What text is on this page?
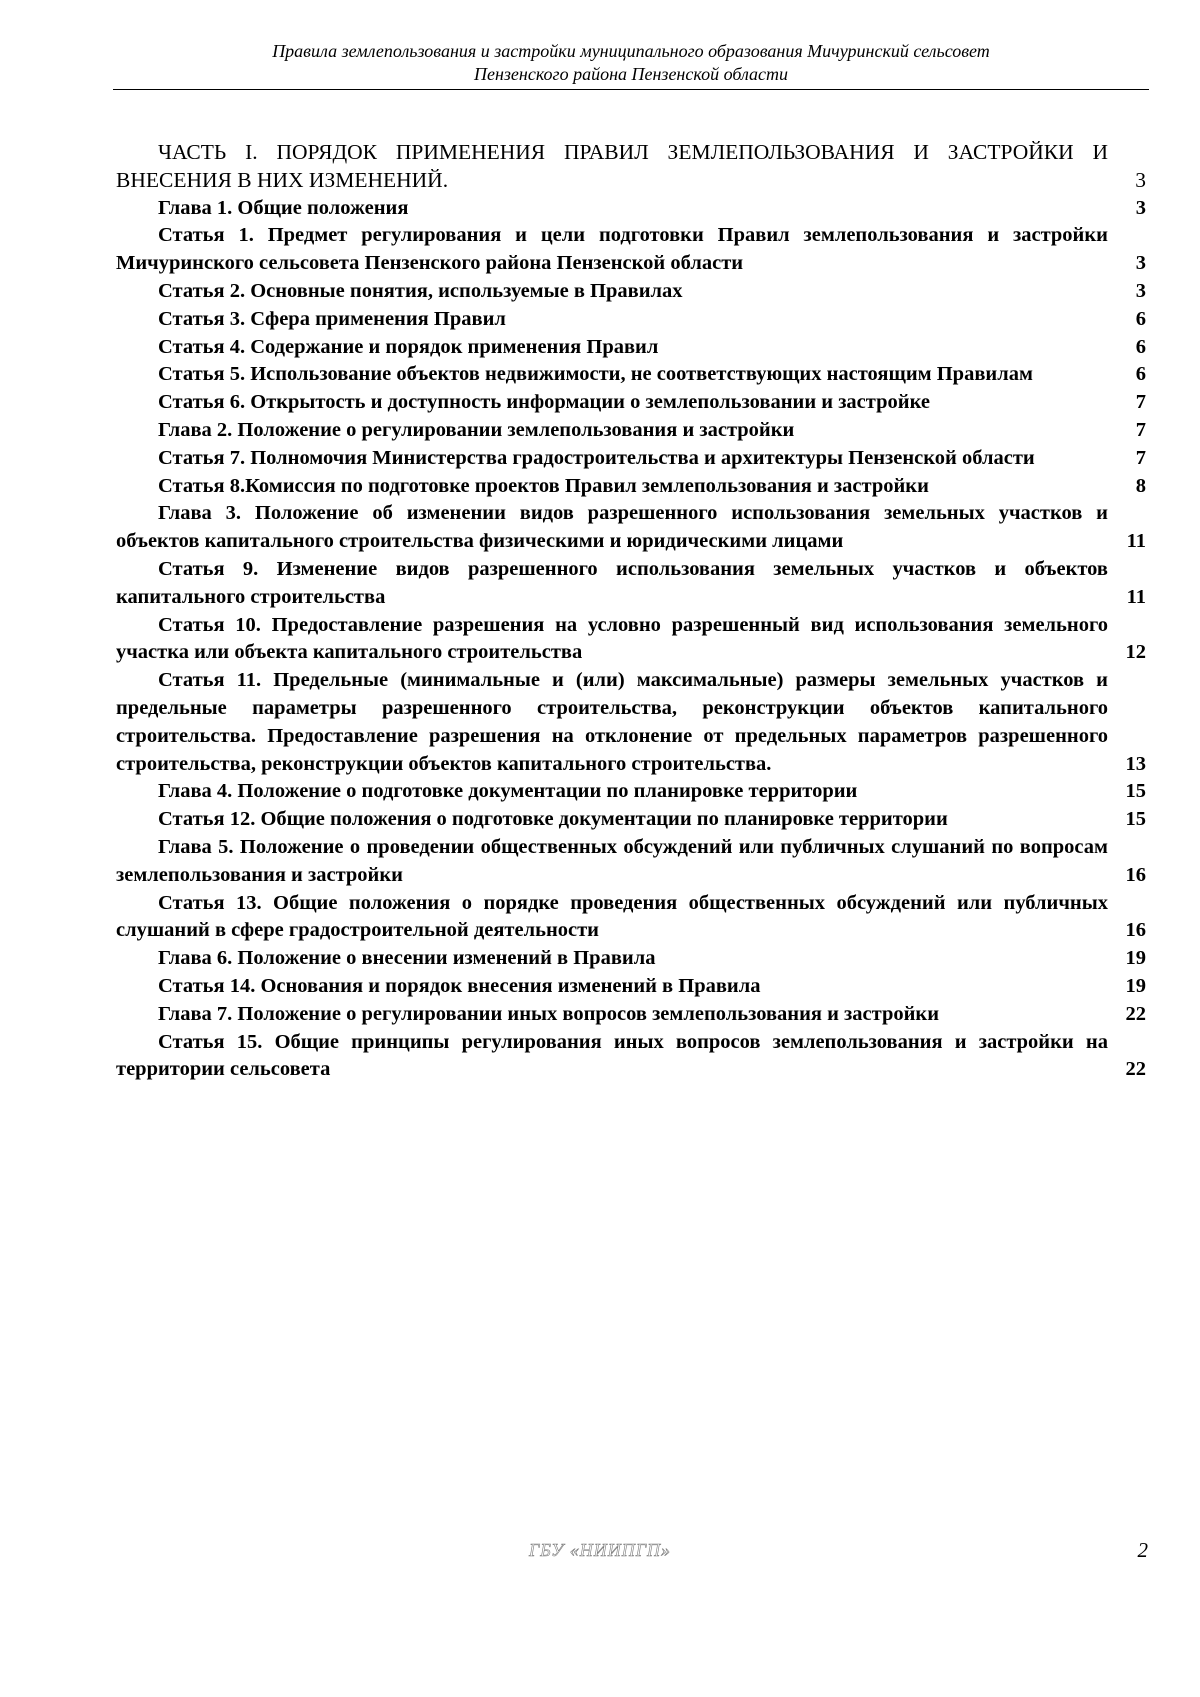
Правила землепользования и застройки муниципального образования Мичуринский сельсовет
Пензенского района Пензенской области
ЧАСТЬ I. ПОРЯДОК ПРИМЕНЕНИЯ ПРАВИЛ ЗЕМЛЕПОЛЬЗОВАНИЯ И ЗАСТРОЙКИ И ВНЕСЕНИЯ В НИХ ИЗМЕНЕНИЙ.	3
Глава 1. Общие положения	3
Статья 1. Предмет регулирования и цели подготовки Правил землепользования и застройки Мичуринского сельсовета Пензенского района Пензенской области	3
Статья 2. Основные понятия, используемые в Правилах	3
Статья 3. Сфера применения Правил	6
Статья 4. Содержание и порядок применения Правил	6
Статья 5. Использование объектов недвижимости, не соответствующих настоящим Правилам	6
Статья 6. Открытость и доступность информации о землепользовании и застройке	7
Глава 2. Положение о регулировании землепользования и застройки	7
Статья 7. Полномочия Министерства градостроительства и архитектуры Пензенской области	7
Статья 8.Комиссия по подготовке проектов Правил землепользования и застройки	8
Глава 3. Положение об изменении видов разрешенного использования земельных участков и объектов капитального строительства физическими и юридическими лицами	11
Статья 9. Изменение видов разрешенного использования земельных участков и объектов капитального строительства	11
Статья 10. Предоставление разрешения на условно разрешенный вид использования земельного участка или объекта капитального строительства	12
Статья 11. Предельные (минимальные и (или) максимальные) размеры земельных участков и предельные параметры разрешенного строительства, реконструкции объектов капитального строительства. Предоставление разрешения на отклонение от предельных параметров разрешенного строительства, реконструкции объектов капитального строительства.	13
Глава 4. Положение о подготовке документации по планировке территории	15
Статья 12. Общие положения о подготовке документации по планировке территории	15
Глава 5. Положение о проведении общественных обсуждений или публичных слушаний по вопросам землепользования и застройки	16
Статья 13. Общие положения о порядке проведения общественных обсуждений или публичных слушаний в сфере градостроительной деятельности	16
Глава 6. Положение о внесении изменений в Правила	19
Статья 14. Основания и порядок внесения изменений в Правила	19
Глава 7. Положение о регулировании иных вопросов землепользования и застройки	22
Статья 15. Общие принципы регулирования иных вопросов землепользования и застройки на территории сельсовета	22
ГБУ «НИИПГП»	2
